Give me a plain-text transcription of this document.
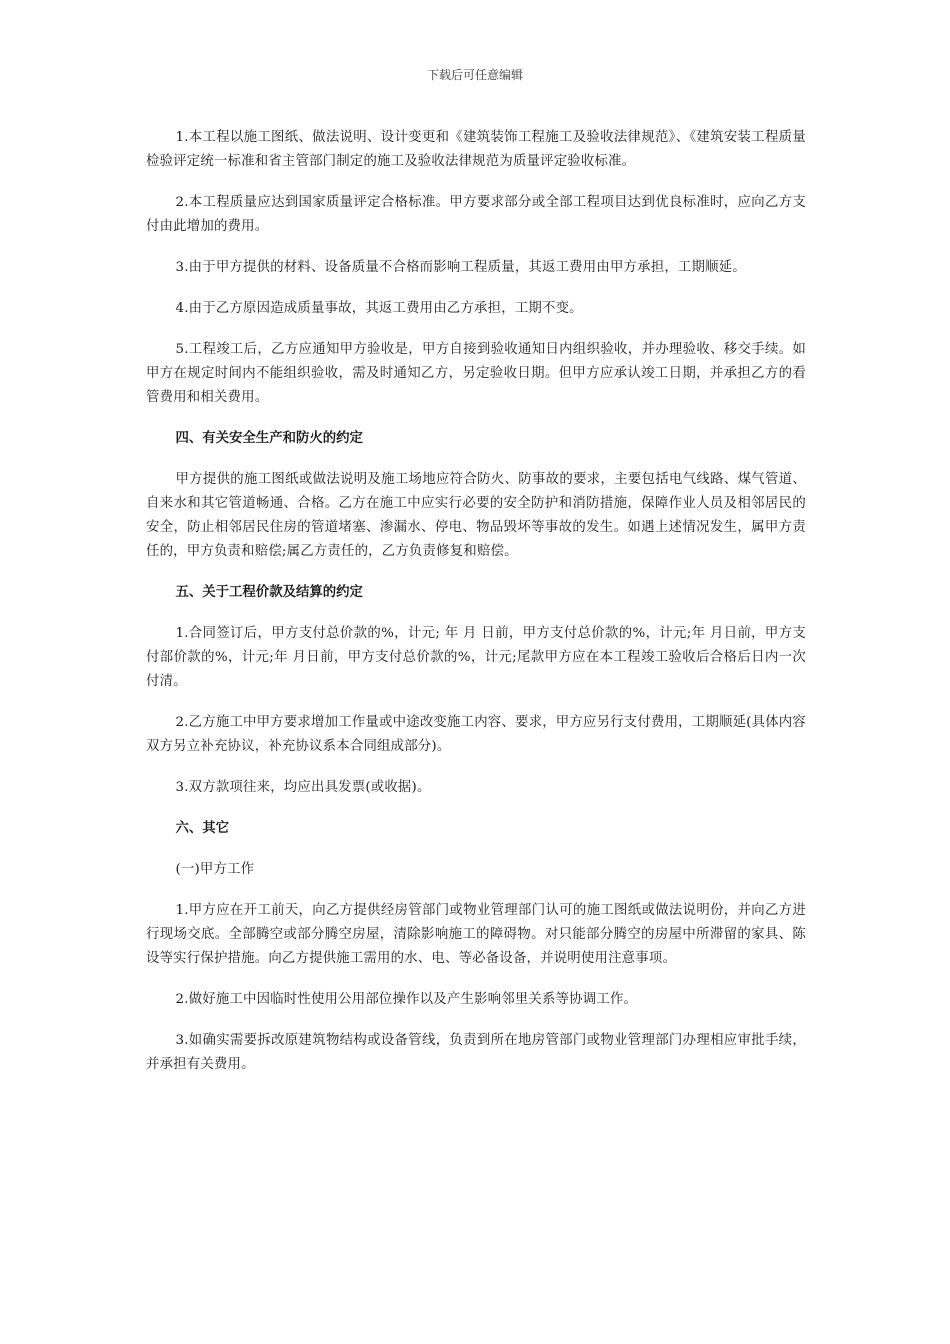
下载后可任意编辑

1.本工程以施工图纸、做法说明、设计变更和《建筑装饰工程施工及验收法律规范》、《建筑安装工程质量检验评定统一标准和省主管部门制定的施工及验收法律规范为质量评定验收标准。

2.本工程质量应达到国家质量评定合格标准。甲方要求部分或全部工程项目达到优良标准时，应向乙方支付由此增加的费用。

3.由于甲方提供的材料、设备质量不合格而影响工程质量，其返工费用由甲方承担，工期顺延。

4.由于乙方原因造成质量事故，其返工费用由乙方承担，工期不变。

5.工程竣工后，乙方应通知甲方验收是，甲方自接到验收通知日内组织验收，并办理验收、移交手续。如甲方在规定时间内不能组织验收，需及时通知乙方，另定验收日期。但甲方应承认竣工日期，并承担乙方的看管费用和相关费用。

四、有关安全生产和防火的约定

甲方提供的施工图纸或做法说明及施工场地应符合防火、防事故的要求，主要包括电气线路、煤气管道、自来水和其它管道畅通、合格。乙方在施工中应实行必要的安全防护和消防措施，保障作业人员及相邻居民的安全，防止相邻居民住房的管道堵塞、渗漏水、停电、物品毁坏等事故的发生。如遇上述情况发生，属甲方责任的，甲方负责和赔偿;属乙方责任的，乙方负责修复和赔偿。

五、关于工程价款及结算的约定

1.合同签订后，甲方支付总价款的%，计元; 年 月 日前，甲方支付总价款的%，计元;年 月日前，甲方支付部价款的%，计元;年 月日前，甲方支付总价款的%，计元;尾款甲方应在本工程竣工验收后合格后日内一次付清。

2.乙方施工中甲方要求增加工作量或中途改变施工内容、要求，甲方应另行支付费用，工期顺延(具体内容双方另立补充协议，补充协议系本合同组成部分)。

3.双方款项往来，均应出具发票(或收据)。

六、其它

(一)甲方工作

1.甲方应在开工前天，向乙方提供经房管部门或物业管理部门认可的施工图纸或做法说明份，并向乙方进行现场交底。全部腾空或部分腾空房屋，清除影响施工的障碍物。对只能部分腾空的房屋中所滞留的家具、陈设等实行保护措施。向乙方提供施工需用的水、电、等必备设备，并说明使用注意事项。

2.做好施工中因临时性使用公用部位操作以及产生影响邻里关系等协调工作。

3.如确实需要拆改原建筑物结构或设备管线，负责到所在地房管部门或物业管理部门办理相应审批手续，并承担有关费用。
